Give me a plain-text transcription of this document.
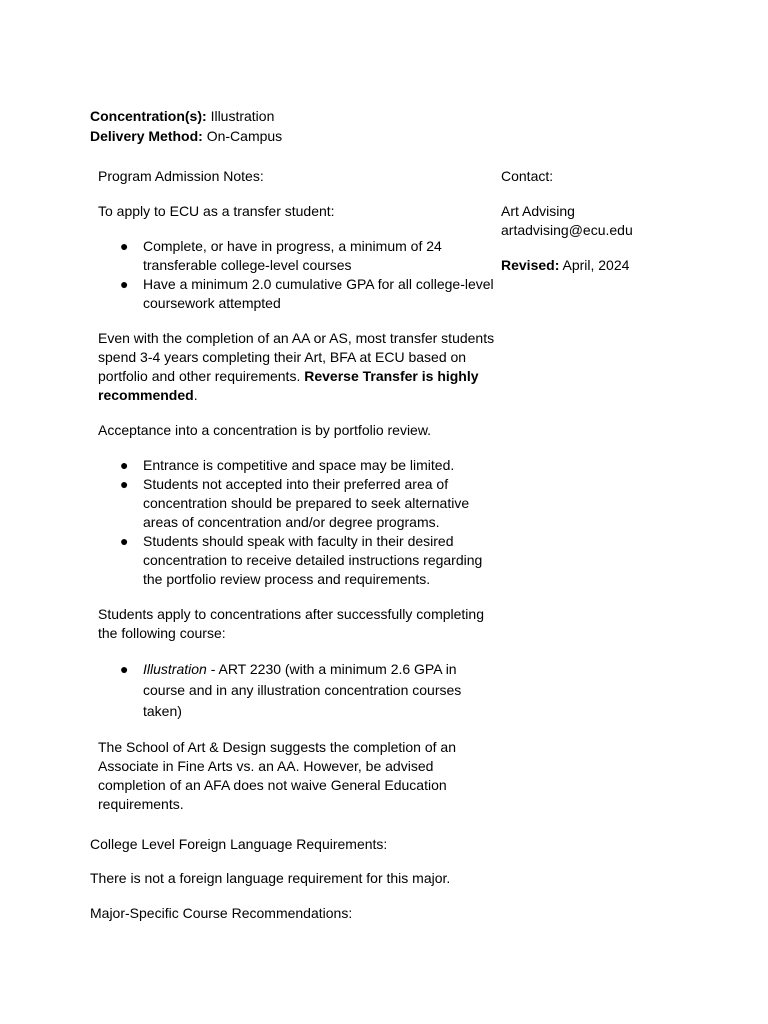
Concentration(s): Illustration
Delivery Method: On-Campus

Program Admission Notes:

To apply to ECU as a transfer student:

● Complete, or have in progress, a minimum of 24 transferable college-level courses
● Have a minimum 2.0 cumulative GPA for all college-level coursework attempted

Even with the completion of an AA or AS, most transfer students spend 3-4 years completing their Art, BFA at ECU based on portfolio and other requirements. Reverse Transfer is highly recommended.

Acceptance into a concentration is by portfolio review.

● Entrance is competitive and space may be limited.
● Students not accepted into their preferred area of concentration should be prepared to seek alternative areas of concentration and/or degree programs.
● Students should speak with faculty in their desired concentration to receive detailed instructions regarding the portfolio review process and requirements.

Students apply to concentrations after successfully completing the following course:

● Illustration - ART 2230 (with a minimum 2.6 GPA in course and in any illustration concentration courses taken)

The School of Art & Design suggests the completion of an Associate in Fine Arts vs. an AA. However, be advised completion of an AFA does not waive General Education requirements.

Contact:

Art Advising

artadvising@ecu.edu

Revised: April, 2024

College Level Foreign Language Requirements:

There is not a foreign language requirement for this major.

Major-Specific Course Recommendations:
